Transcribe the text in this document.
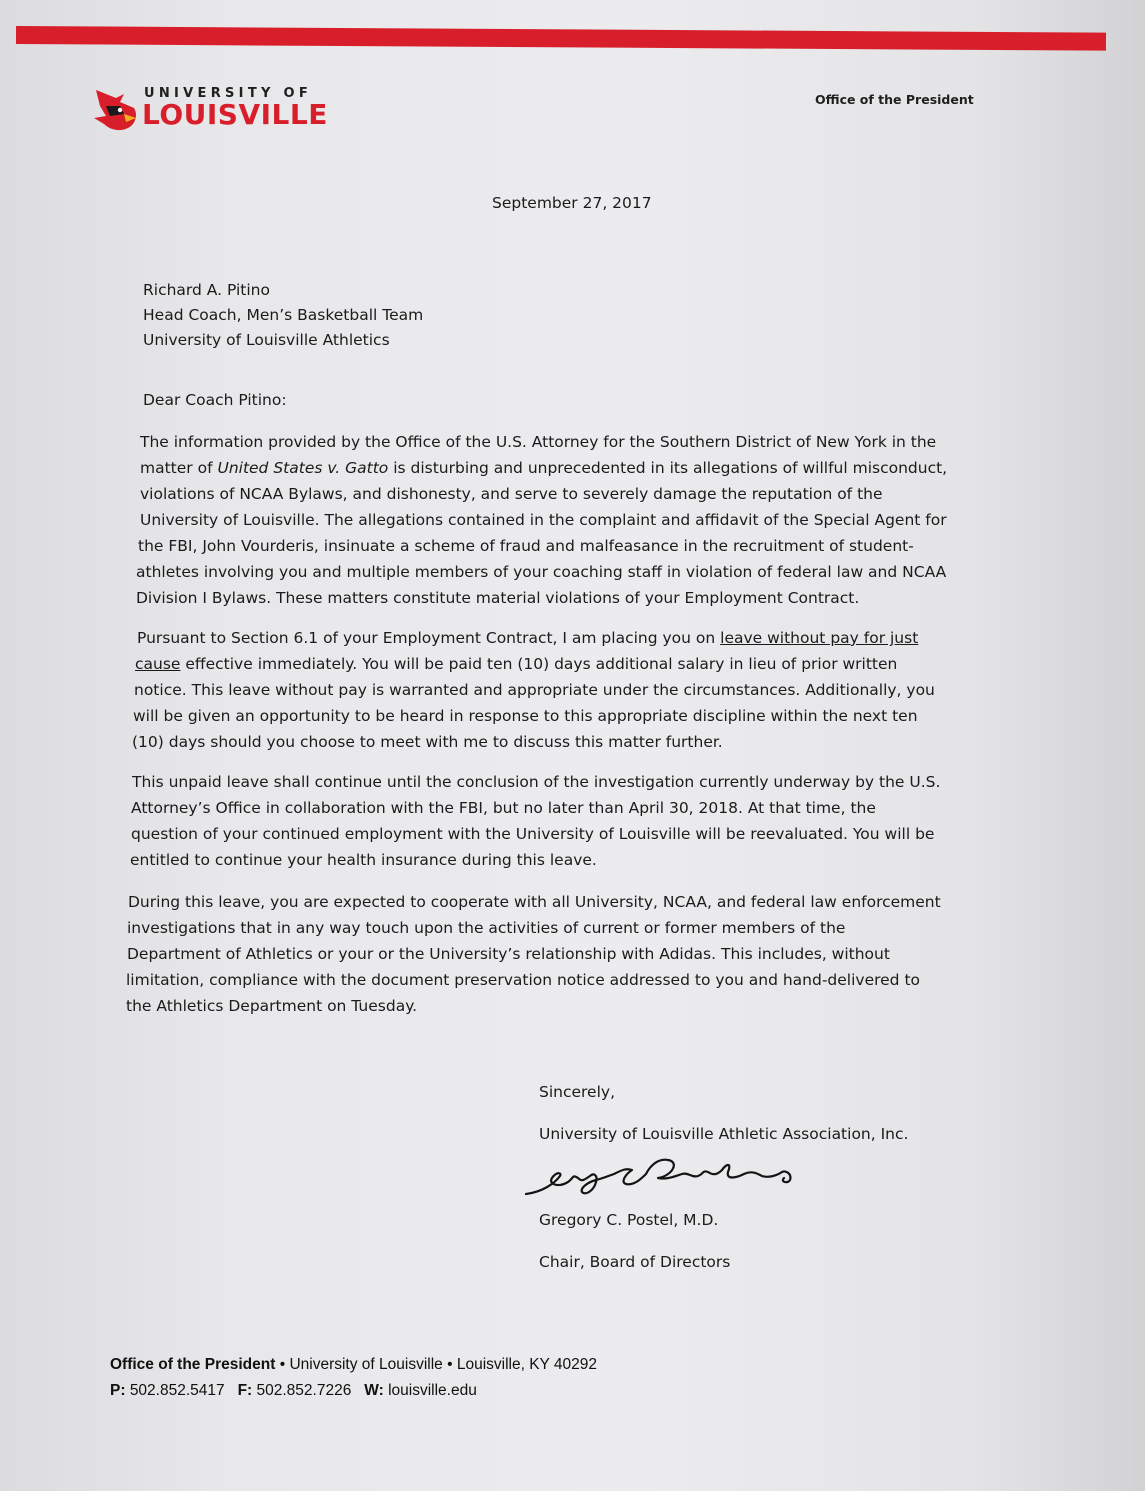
UNIVERSITY OF
LOUISVILLE	Office of the President
September 27, 2017
Richard A. Pitino
Head Coach, Men’s Basketball Team
University of Louisville Athletics
Dear Coach Pitino:
The information provided by the Office of the U.S. Attorney for the Southern District of New York in the
matter of United States v. Gatto is disturbing and unprecedented in its allegations of willful misconduct,
violations of NCAA Bylaws, and dishonesty, and serve to severely damage the reputation of the
University of Louisville. The allegations contained in the complaint and affidavit of the Special Agent for
the FBI, John Vourderis, insinuate a scheme of fraud and malfeasance in the recruitment of student-
athletes involving you and multiple members of your coaching staff in violation of federal law and NCAA
Division I Bylaws. These matters constitute material violations of your Employment Contract.
Pursuant to Section 6.1 of your Employment Contract, I am placing you on leave without pay for just
cause effective immediately. You will be paid ten (10) days additional salary in lieu of prior written
notice. This leave without pay is warranted and appropriate under the circumstances. Additionally, you
will be given an opportunity to be heard in response to this appropriate discipline within the next ten
(10) days should you choose to meet with me to discuss this matter further.
This unpaid leave shall continue until the conclusion of the investigation currently underway by the U.S.
Attorney’s Office in collaboration with the FBI, but no later than April 30, 2018. At that time, the
question of your continued employment with the University of Louisville will be reevaluated. You will be
entitled to continue your health insurance during this leave.
During this leave, you are expected to cooperate with all University, NCAA, and federal law enforcement
investigations that in any way touch upon the activities of current or former members of the
Department of Athletics or your or the University’s relationship with Adidas. This includes, without
limitation, compliance with the document preservation notice addressed to you and hand-delivered to
the Athletics Department on Tuesday.
Sincerely,
University of Louisville Athletic Association, Inc.
Gregory C. Postel, M.D.
Chair, Board of Directors
Office of the President • University of Louisville • Louisville, KY 40292
P: 502.852.5417 F: 502.852.7226 W: louisville.edu
